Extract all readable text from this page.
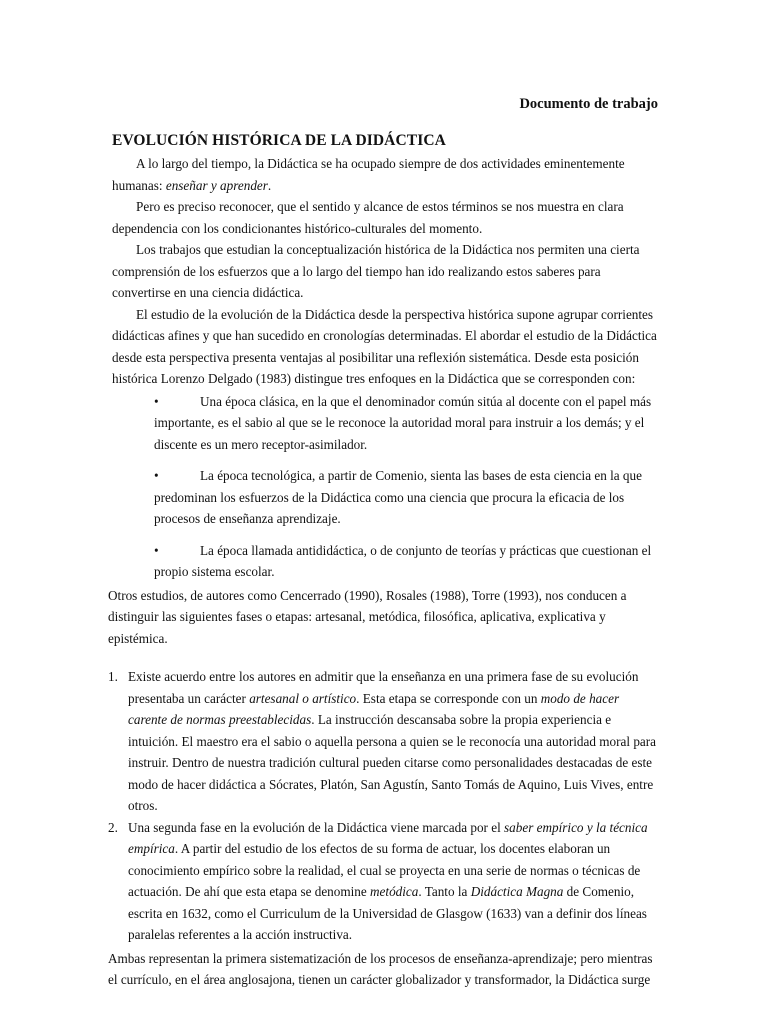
Documento de trabajo
EVOLUCIÓN HISTÓRICA DE LA DIDÁCTICA

A lo largo del tiempo, la Didáctica se ha ocupado siempre de dos actividades eminentemente humanas: enseñar y aprender.

Pero es preciso reconocer, que el sentido y alcance de estos términos se nos muestra en clara dependencia con los condicionantes histórico-culturales del momento.

Los trabajos que estudian la conceptualización histórica de la Didáctica nos permiten una cierta comprensión de los esfuerzos que a lo largo del tiempo han ido realizando estos saberes para convertirse en una ciencia didáctica.

El estudio de la evolución de la Didáctica desde la perspectiva histórica supone agrupar corrientes didácticas afines y que han sucedido en cronologías determinadas. El abordar el estudio de la Didáctica desde esta perspectiva presenta ventajas al posibilitar una reflexión sistemática. Desde esta posición histórica Lorenzo Delgado (1983) distingue tres enfoques en la Didáctica que se corresponden con:

•	Una época clásica, en la que el denominador común sitúa al docente con el papel más importante, es el sabio al que se le reconoce la autoridad moral para instruir a los demás; y el discente es un mero receptor-asimilador.
•	La época tecnológica, a partir de Comenio, sienta las bases de esta ciencia en la que predominan los esfuerzos de la Didáctica como una ciencia que procura la eficacia de los procesos de enseñanza aprendizaje.
•	La época llamada antididáctica, o de conjunto de teorías y prácticas que cuestionan el propio sistema escolar.

Otros estudios, de autores como Cencerrado (1990), Rosales (1988), Torre (1993), nos conducen a distinguir las siguientes fases o etapas: artesanal, metódica, filosófica, aplicativa, explicativa y epistémica.

1. Existe acuerdo entre los autores en admitir que la enseñanza en una primera fase de su evolución presentaba un carácter artesanal o artístico. Esta etapa se corresponde con un modo de hacer carente de normas preestablecidas. La instrucción descansaba sobre la propia experiencia e intuición. El maestro era el sabio o aquella persona a quien se le reconocía una autoridad moral para instruir. Dentro de nuestra tradición cultural pueden citarse como personalidades destacadas de este modo de hacer didáctica a Sócrates, Platón, San Agustín, Santo Tomás de Aquino, Luis Vives, entre otros.
2. Una segunda fase en la evolución de la Didáctica viene marcada por el saber empírico y la técnica empírica. A partir del estudio de los efectos de su forma de actuar, los docentes elaboran un conocimiento empírico sobre la realidad, el cual se proyecta en una serie de normas o técnicas de actuación. De ahí que esta etapa se denomine metódica. Tanto la Didáctica Magna de Comenio, escrita en 1632, como el Curriculum de la Universidad de Glasgow (1633) van a definir dos líneas paralelas referentes a la acción instructiva.

Ambas representan la primera sistematización de los procesos de enseñanza-aprendizaje; pero mientras el currículo, en el área anglosajona, tienen un carácter globalizador y transformador, la Didáctica surge
